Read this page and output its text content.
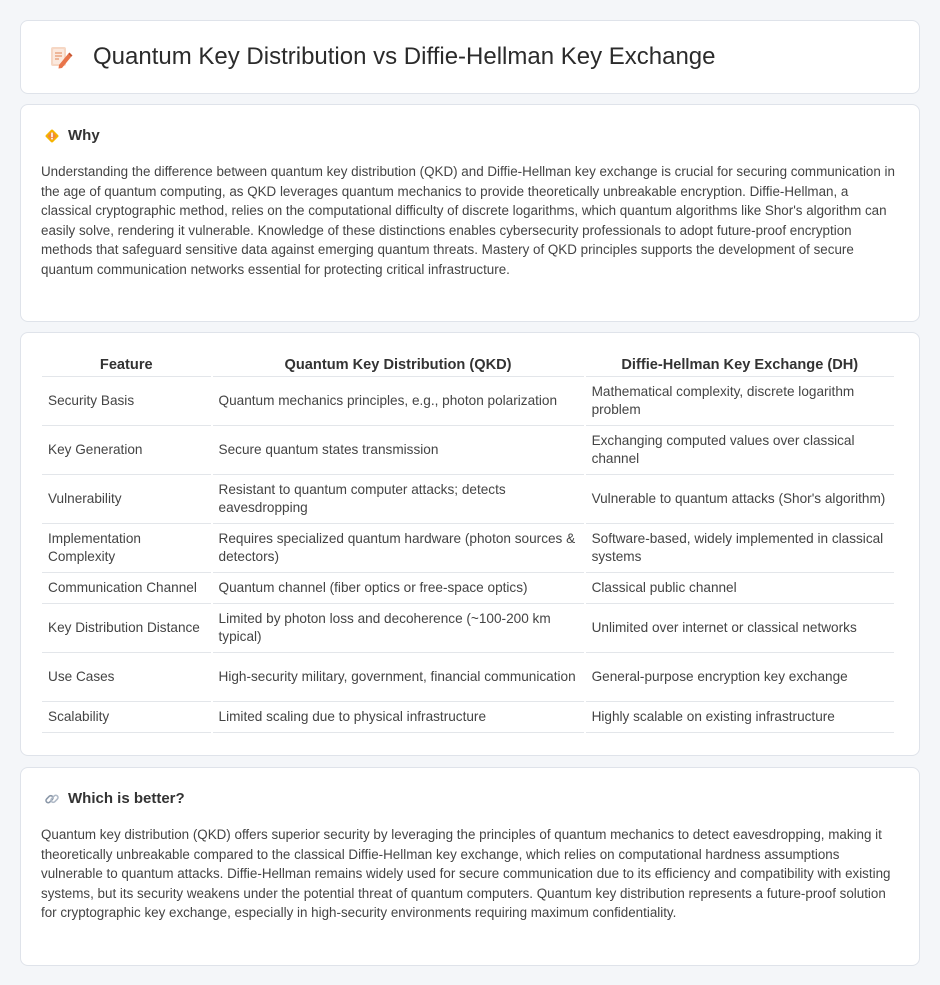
Quantum Key Distribution vs Diffie-Hellman Key Exchange
Why

Understanding the difference between quantum key distribution (QKD) and Diffie-Hellman key exchange is crucial for securing communication in the age of quantum computing, as QKD leverages quantum mechanics to provide theoretically unbreakable encryption. Diffie-Hellman, a classical cryptographic method, relies on the computational difficulty of discrete logarithms, which quantum algorithms like Shor's algorithm can easily solve, rendering it vulnerable. Knowledge of these distinctions enables cybersecurity professionals to adopt future-proof encryption methods that safeguard sensitive data against emerging quantum threats. Mastery of QKD principles supports the development of secure quantum communication networks essential for protecting critical infrastructure.

Feature	Quantum Key Distribution (QKD)	Diffie-Hellman Key Exchange (DH)
Security Basis	Quantum mechanics principles, e.g., photon polarization	Mathematical complexity, discrete logarithm problem
Key Generation	Secure quantum states transmission	Exchanging computed values over classical channel
Vulnerability	Resistant to quantum computer attacks; detects eavesdropping	Vulnerable to quantum attacks (Shor's algorithm)
Implementation Complexity	Requires specialized quantum hardware (photon sources & detectors)	Software-based, widely implemented in classical systems
Communication Channel	Quantum channel (fiber optics or free-space optics)	Classical public channel
Key Distribution Distance	Limited by photon loss and decoherence (~100-200 km typical)	Unlimited over internet or classical networks
Use Cases	High-security military, government, financial communication	General-purpose encryption key exchange
Scalability	Limited scaling due to physical infrastructure	Highly scalable on existing infrastructure
Which is better?

Quantum key distribution (QKD) offers superior security by leveraging the principles of quantum mechanics to detect eavesdropping, making it theoretically unbreakable compared to the classical Diffie-Hellman key exchange, which relies on computational hardness assumptions vulnerable to quantum attacks. Diffie-Hellman remains widely used for secure communication due to its efficiency and compatibility with existing systems, but its security weakens under the potential threat of quantum computers. Quantum key distribution represents a future-proof solution for cryptographic key exchange, especially in high-security environments requiring maximum confidentiality.
